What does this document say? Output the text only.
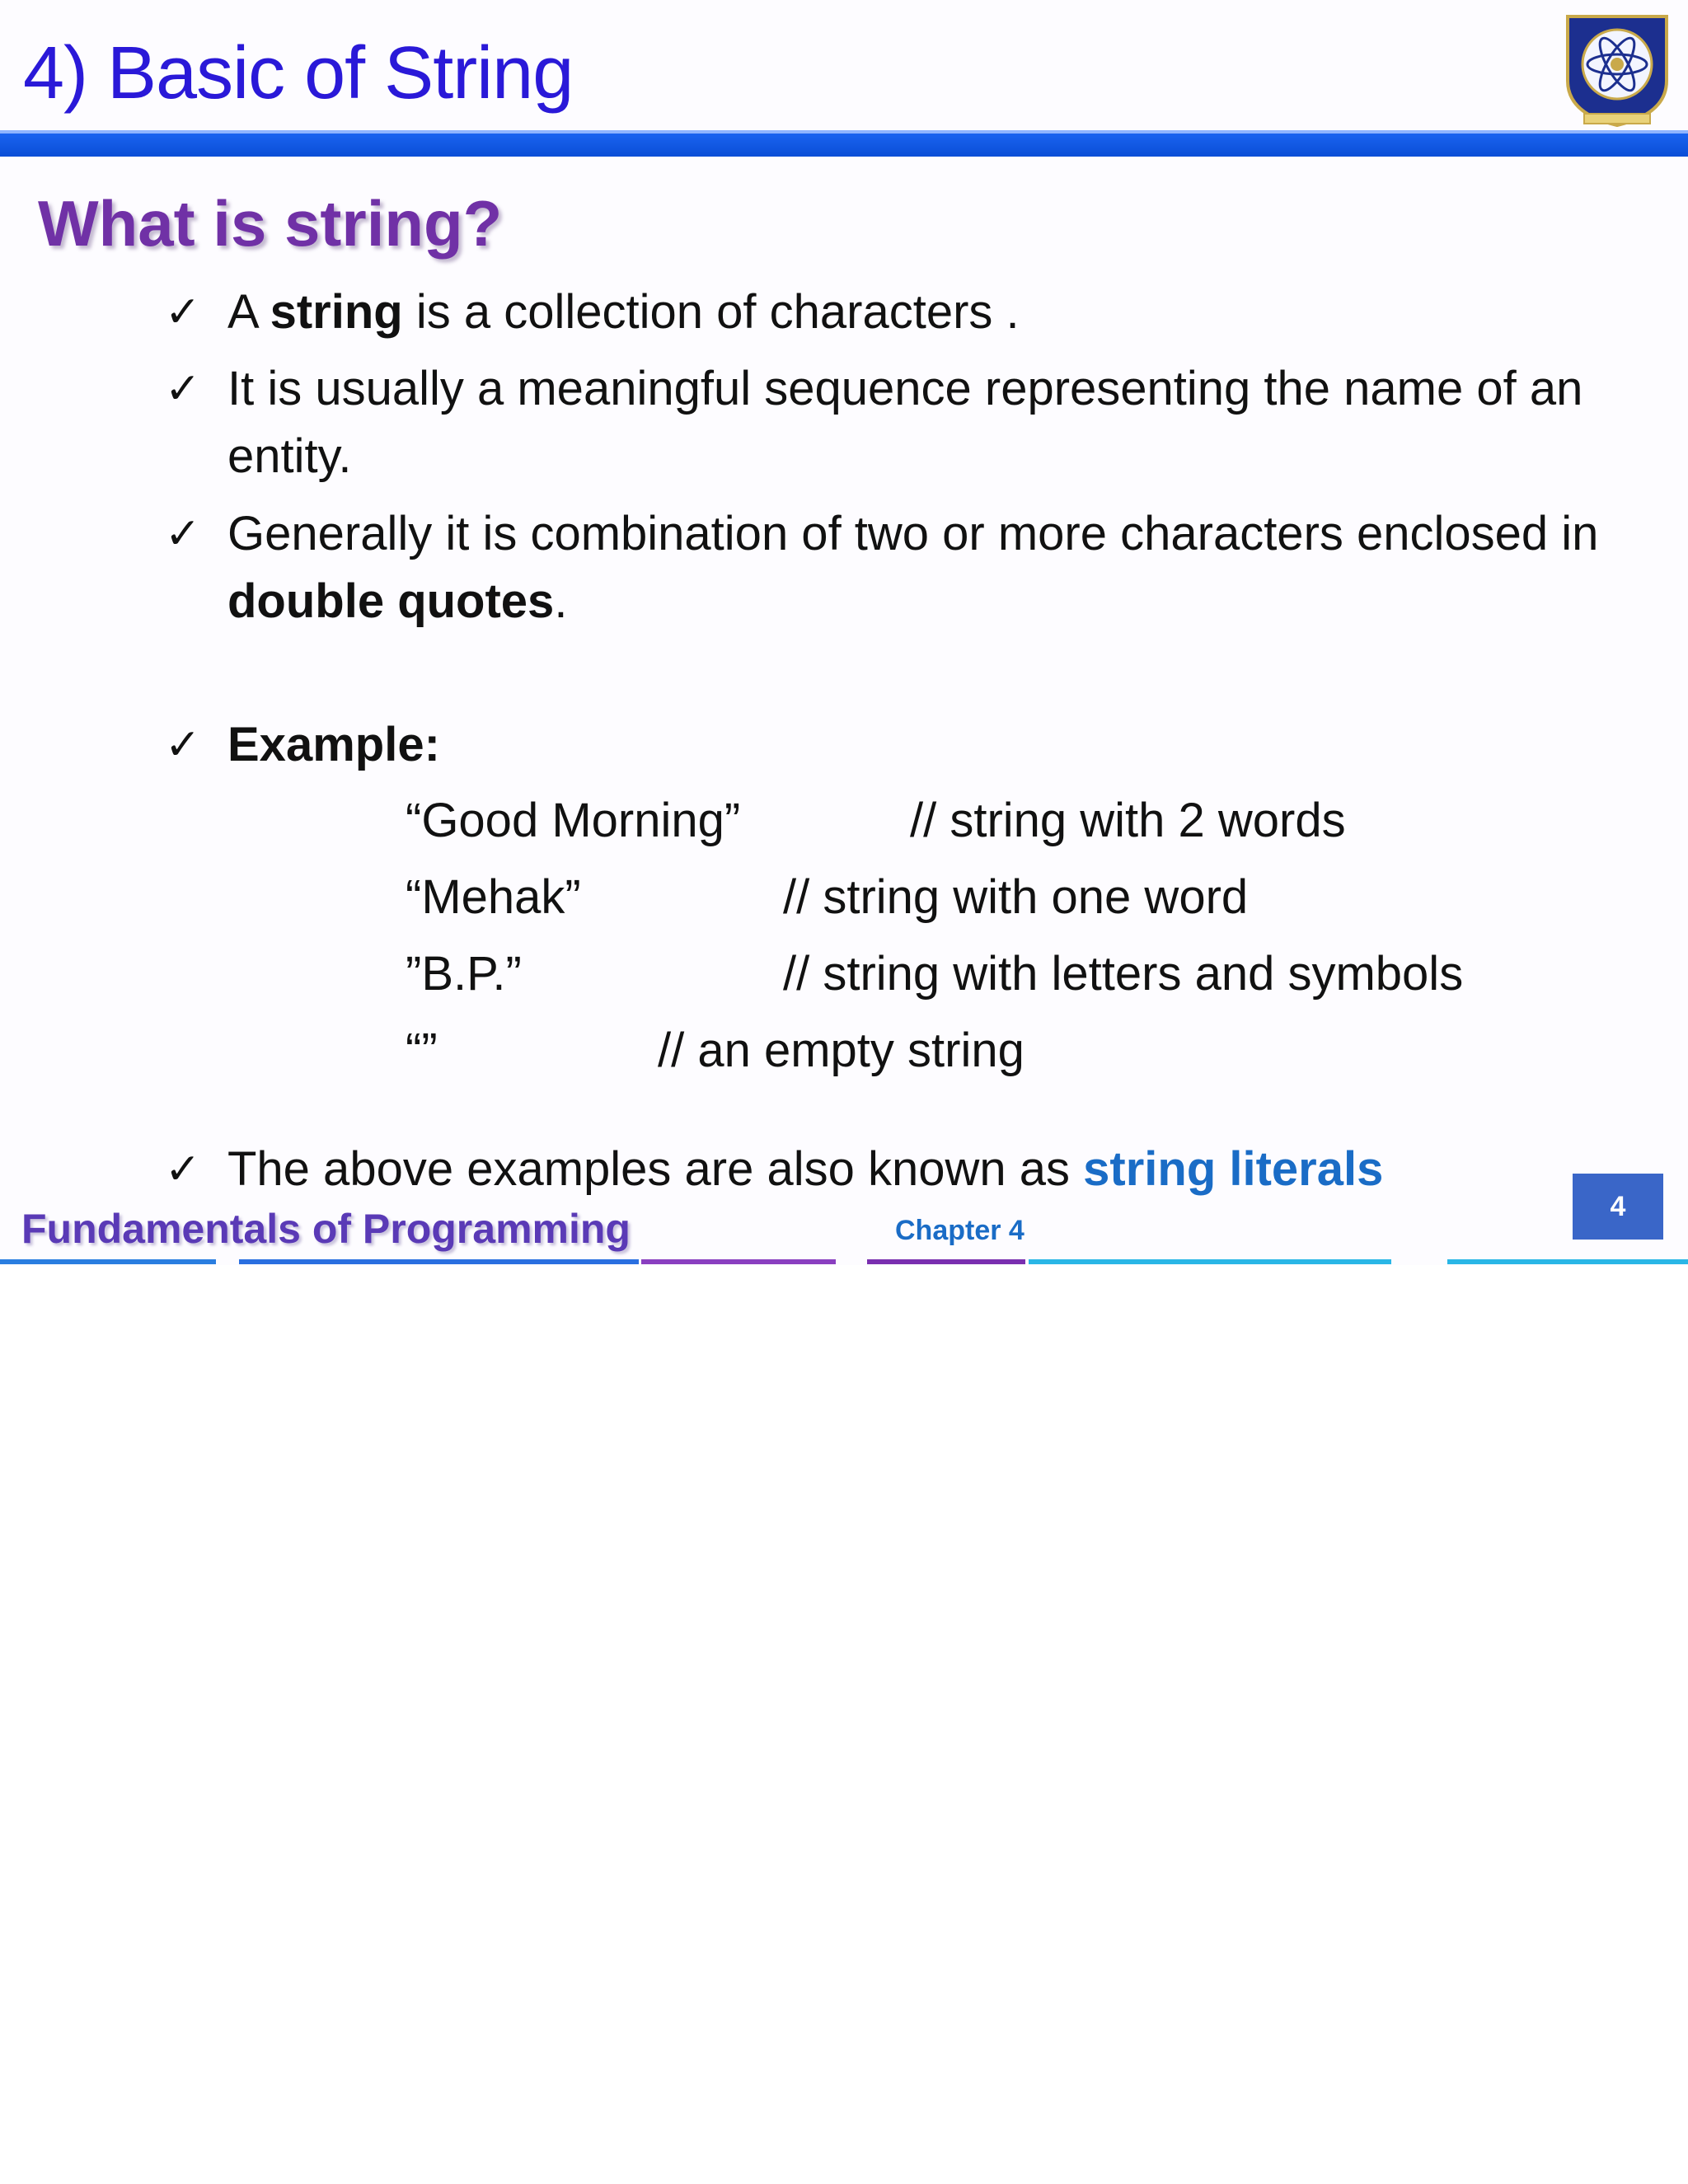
4) Basic of String
What is string?
✓ A string is a collection of characters .
✓ It is usually a meaningful sequence representing the name of an entity.
✓ Generally it is combination of two or more characters enclosed in double quotes.
✓ Example:
“Good Morning”	// string with 2 words
“Mehak”	// string with one word
”B.P.”	// string with letters and symbols
“”	// an empty string
✓ The above examples are also known as string literals
4
Fundamentals of Programming	Chapter 4
